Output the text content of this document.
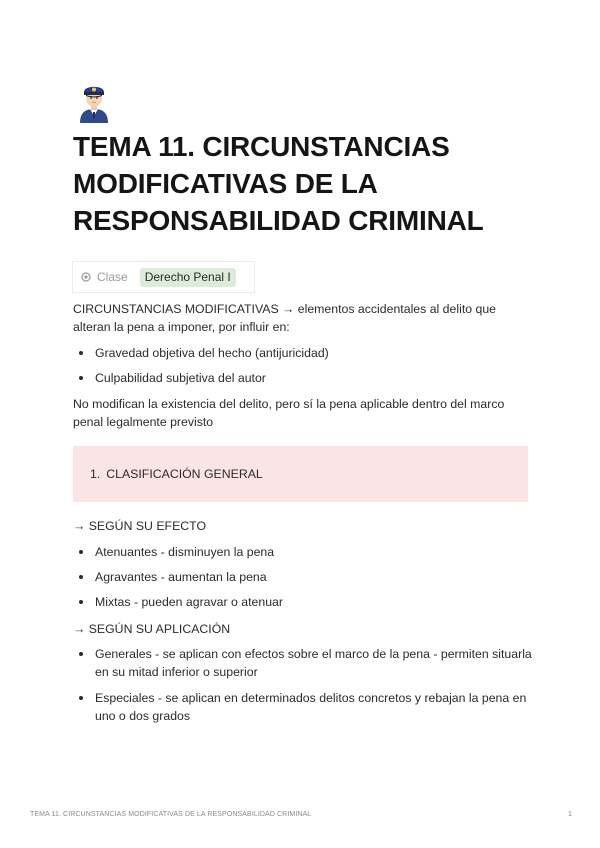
TEMA 11. CIRCUNSTANCIAS MODIFICATIVAS DE LA RESPONSABILIDAD CRIMINAL
Clase	Derecho Penal I

CIRCUNSTANCIAS MODIFICATIVAS → elementos accidentales al delito que alteran la pena a imponer, por influir en:

Gravedad objetiva del hecho (antijuricidad)
Culpabilidad subjetiva del autor

No modifican la existencia del delito, pero sí la pena aplicable dentro del marco penal legalmente previsto

1. CLASIFICACIÓN GENERAL

→ SEGÚN SU EFECTO

Atenuantes - disminuyen la pena
Agravantes - aumentan la pena
Mixtas - pueden agravar o atenuar

→ SEGÚN SU APLICACIÓN

Generales - se aplican con efectos sobre el marco de la pena - permiten situarla en su mitad inferior o superior
Especiales - se aplican en determinados delitos concretos y rebajan la pena en uno o dos grados
TEMA 11. CIRCUNSTANCIAS MODIFICATIVAS DE LA RESPONSABILIDAD CRIMINAL	1
